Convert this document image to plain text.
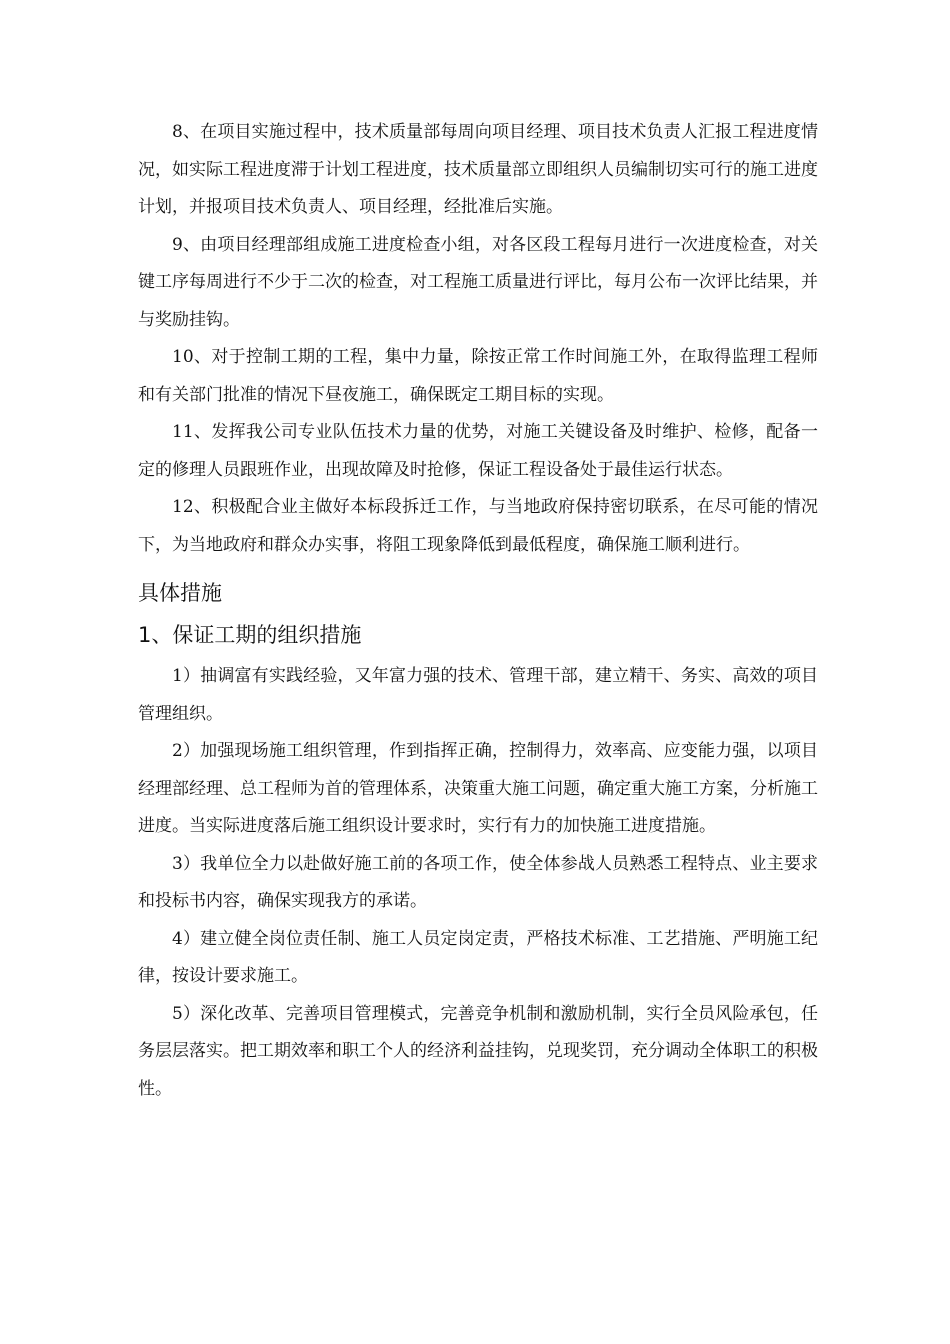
8、在项目实施过程中，技术质量部每周向项目经理、项目技术负责人汇报工程进度情况，如实际工程进度滞于计划工程进度，技术质量部立即组织人员编制切实可行的施工进度计划，并报项目技术负责人、项目经理，经批准后实施。

9、由项目经理部组成施工进度检查小组，对各区段工程每月进行一次进度检查，对关键工序每周进行不少于二次的检查，对工程施工质量进行评比，每月公布一次评比结果，并与奖励挂钩。

10、对于控制工期的工程，集中力量，除按正常工作时间施工外，在取得监理工程师和有关部门批准的情况下昼夜施工，确保既定工期目标的实现。

11、发挥我公司专业队伍技术力量的优势，对施工关键设备及时维护、检修，配备一定的修理人员跟班作业，出现故障及时抢修，保证工程设备处于最佳运行状态。

12、积极配合业主做好本标段拆迁工作，与当地政府保持密切联系，在尽可能的情况下，为当地政府和群众办实事，将阻工现象降低到最低程度，确保施工顺利进行。

具体措施
1、保证工期的组织措施

1）抽调富有实践经验，又年富力强的技术、管理干部，建立精干、务实、高效的项目管理组织。

2）加强现场施工组织管理，作到指挥正确，控制得力，效率高、应变能力强，以项目经理部经理、总工程师为首的管理体系，决策重大施工问题，确定重大施工方案，分析施工进度。当实际进度落后施工组织设计要求时，实行有力的加快施工进度措施。

3）我单位全力以赴做好施工前的各项工作，使全体参战人员熟悉工程特点、业主要求和投标书内容，确保实现我方的承诺。

4）建立健全岗位责任制、施工人员定岗定责，严格技术标准、工艺措施、严明施工纪律，按设计要求施工。

5）深化改革、完善项目管理模式，完善竞争机制和激励机制，实行全员风险承包，任务层层落实。把工期效率和职工个人的经济利益挂钩，兑现奖罚，充分调动全体职工的积极性。
